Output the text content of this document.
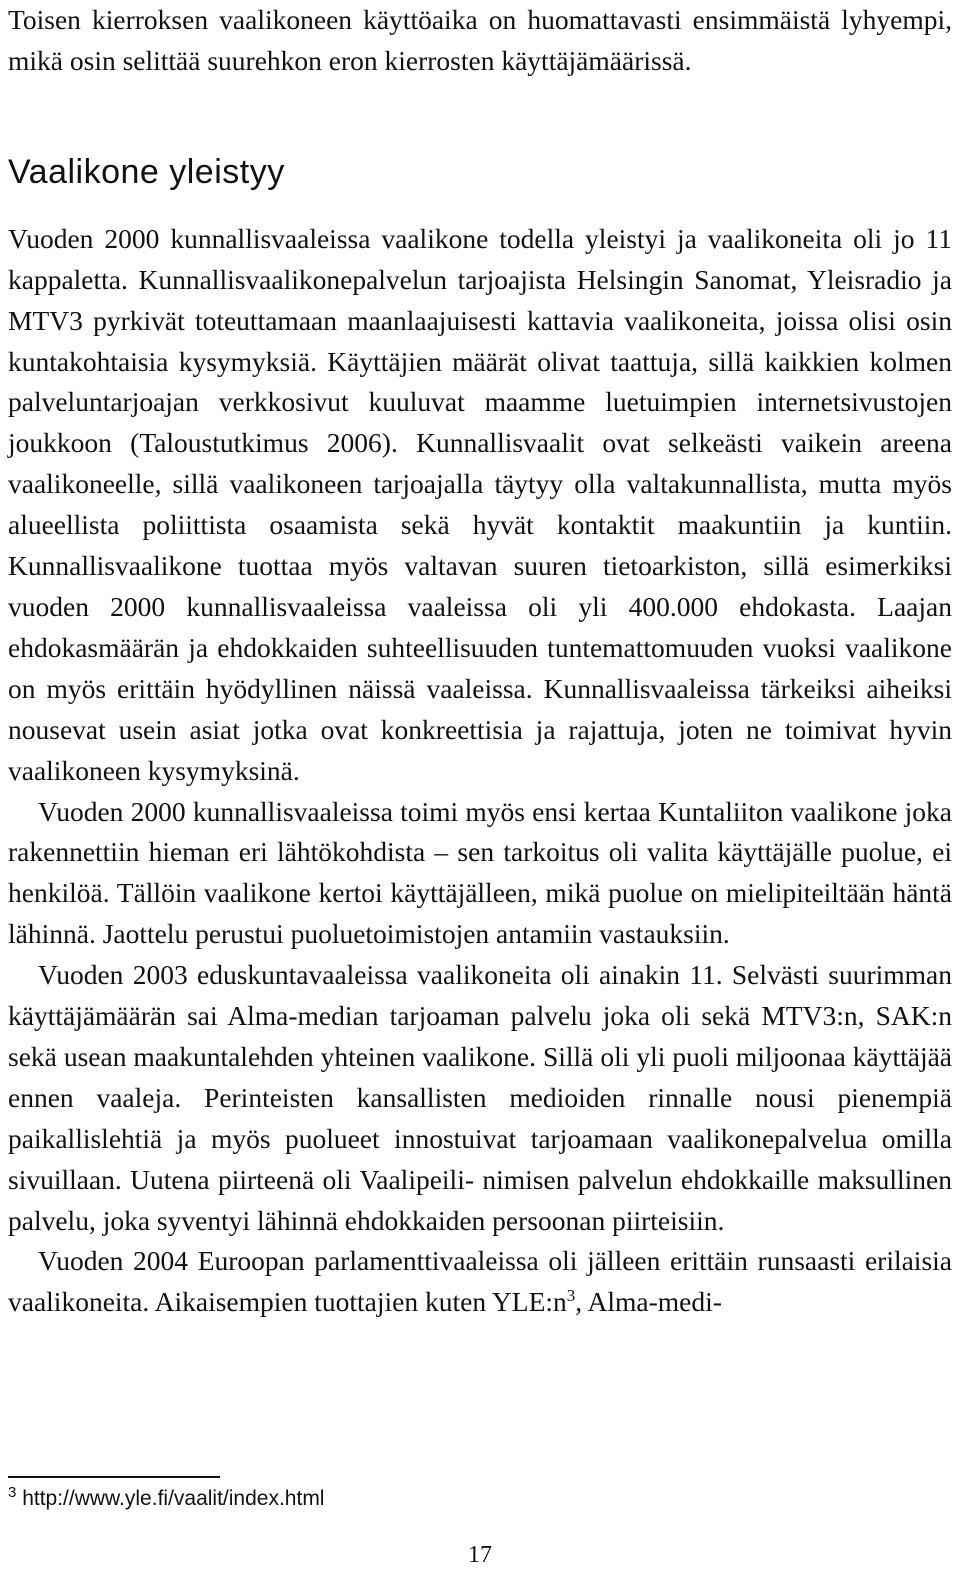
Toisen kierroksen vaalikoneen käyttöaika on huomattavasti ensimmäistä lyhyempi, mikä osin selittää suurehkon eron kierrosten käyttäjämäärissä.

Vaalikone yleistyy

Vuoden 2000 kunnallisvaaleissa vaalikone todella yleistyi ja vaalikoneita oli jo 11 kappaletta. Kunnallisvaalikonepalvelun tarjoajista Helsingin Sanomat, Yleisradio ja MTV3 pyrkivät toteuttamaan maanlaajuisesti kattavia vaalikoneita, joissa olisi osin kuntakohtaisia kysymyksiä. Käyttäjien määrät olivat taattuja, sillä kaikkien kolmen palveluntarjoajan verkkosivut kuuluvat maamme luetuimpien internetsivustojen joukkoon (Taloustutkimus 2006). Kunnallisvaalit ovat selkeästi vaikein areena vaalikoneelle, sillä vaalikoneen tarjoajalla täytyy olla valtakunnallista, mutta myös alueellista poliittista osaamista sekä hyvät kontaktit maakuntiin ja kuntiin. Kunnallisvaalikone tuottaa myös valtavan suuren tietoarkiston, sillä esimerkiksi vuoden 2000 kunnallisvaaleissa vaaleissa oli yli 400.000 ehdokasta. Laajan ehdokasmäärän ja ehdokkaiden suhteellisuuden tuntemattomuuden vuoksi vaalikone on myös erittäin hyödyllinen näissä vaaleissa. Kunnallisvaaleissa tärkeiksi aiheiksi nousevat usein asiat jotka ovat konkreettisia ja rajattuja, joten ne toimivat hyvin vaalikoneen kysymyksinä.

Vuoden 2000 kunnallisvaaleissa toimi myös ensi kertaa Kuntaliiton vaalikone joka rakennettiin hieman eri lähtökohdista – sen tarkoitus oli valita käyttäjälle puolue, ei henkilöä. Tällöin vaalikone kertoi käyttäjälleen, mikä puolue on mielipiteiltään häntä lähinnä. Jaottelu perustui puoluetoimistojen antamiin vastauksiin.

Vuoden 2003 eduskuntavaaleissa vaalikoneita oli ainakin 11. Selvästi suurimman käyttäjämäärän sai Alma-median tarjoaman palvelu joka oli sekä MTV3:n, SAK:n sekä usean maakuntalehden yhteinen vaalikone. Sillä oli yli puoli miljoonaa käyttäjää ennen vaaleja. Perinteisten kansallisten medioiden rinnalle nousi pienempiä paikallislehtiä ja myös puolueet innostuivat tarjoamaan vaalikonepalvelua omilla sivuillaan. Uutena piirteenä oli Vaalipeili- nimisen palvelun ehdokkaille maksullinen palvelu, joka syventyi lähinnä ehdokkaiden persoonan piirteisiin.

Vuoden 2004 Euroopan parlamenttivaaleissa oli jälleen erittäin runsaasti erilaisia vaalikoneita. Aikaisempien tuottajien kuten $YLE:n^3$, Alma-medi-

$^3$ http://www.yle.fi/vaalit/index.html
17
